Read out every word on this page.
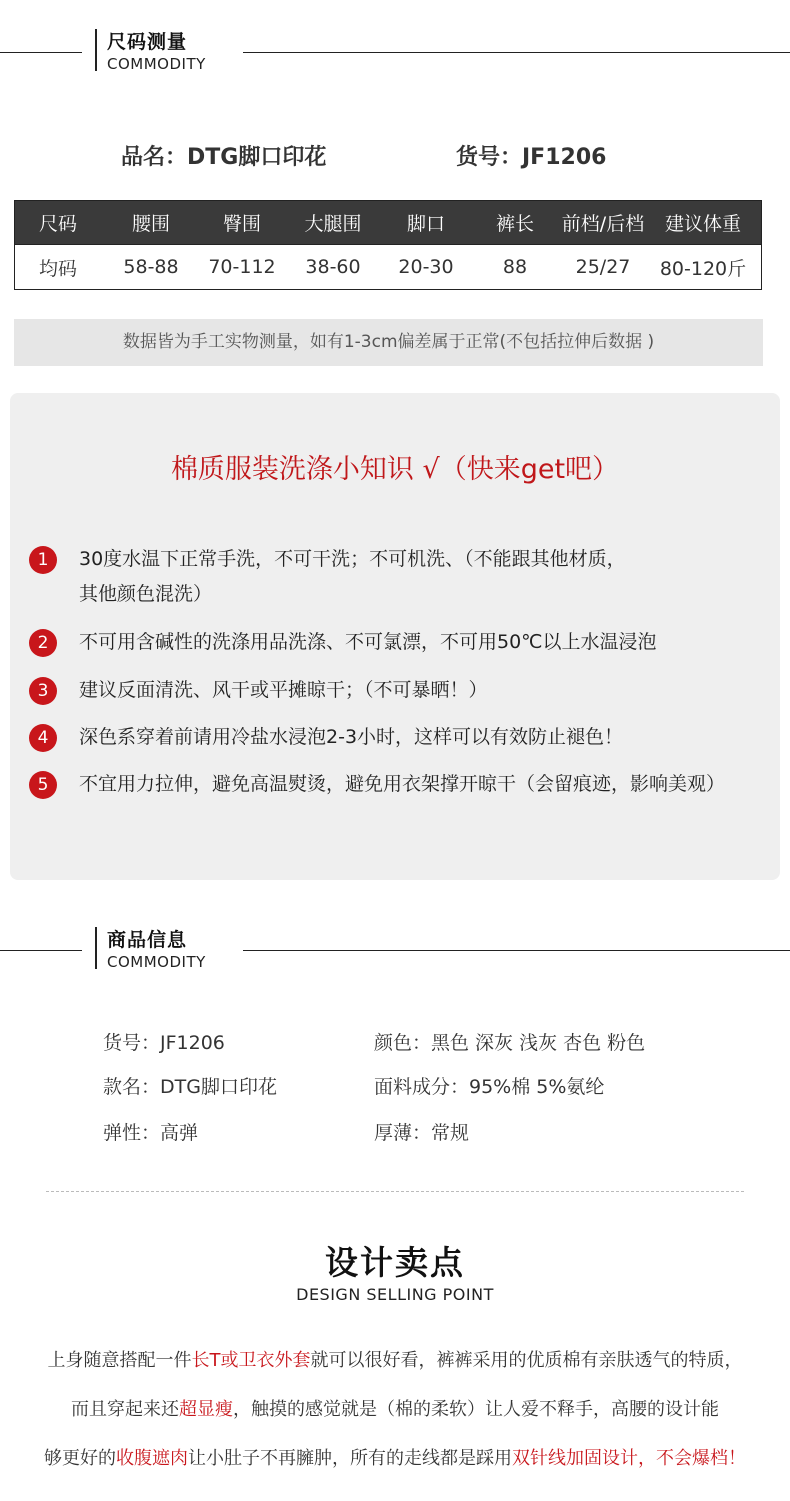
尺码测量
COMMODITY
品名：DTG脚口印花	货号：JF1206
尺码	腰围	臀围	大腿围	脚口	裤长	前档/后档	建议体重
均码	58-88	70-112	38-60	20-30	88	25/27	80-120斤
数据皆为手工实物测量，如有1-3cm偏差属于正常(不包括拉伸后数据 )
棉质服装洗涤小知识 √（快来get吧）
1	30度水温下正常手洗，不可干洗；不可机洗、（不能跟其他材质，
其他颜色混洗）
2	不可用含碱性的洗涤用品洗涤、不可氯漂，不可用50℃以上水温浸泡
3	建议反面清洗、风干或平摊晾干；（不可暴晒！）
4	深色系穿着前请用冷盐水浸泡2-3小时，这样可以有效防止褪色！
5	不宜用力拉伸，避免高温熨烫，避免用衣架撑开晾干（会留痕迹，影响美观）
商品信息
COMMODITY
货号：JF1206	颜色：黑色 深灰 浅灰 杏色 粉色
款名：DTG脚口印花	面料成分：95%棉 5%氨纶
弹性：高弹	厚薄：常规
设计卖点
DESIGN SELLING POINT
上身随意搭配一件长T或卫衣外套就可以很好看，裤裤采用的优质棉有亲肤透气的特质，
而且穿起来还超显瘦，触摸的感觉就是（棉的柔软）让人爱不释手，高腰的设计能
够更好的收腹遮肉让小肚子不再臃肿，所有的走线都是踩用双针线加固设计，不会爆档！
